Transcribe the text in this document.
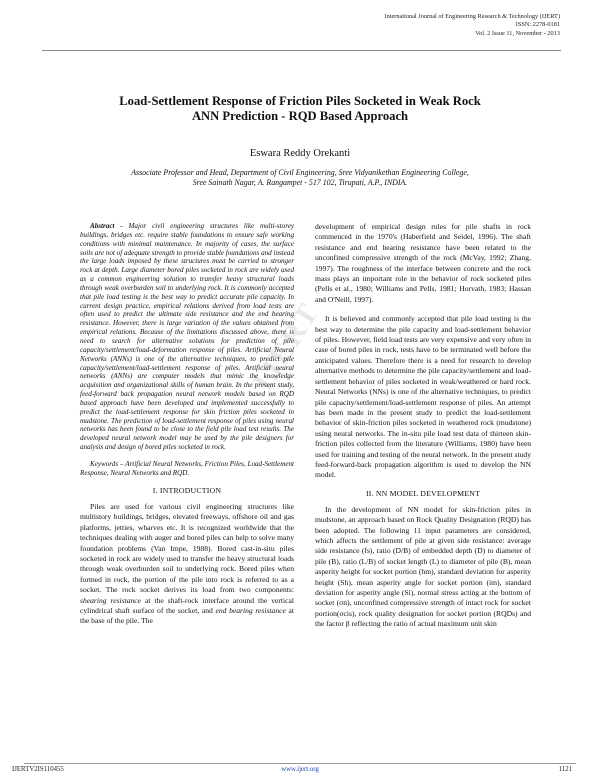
International Journal of Engineering Research & Technology (IJERT)
ISSN: 2278-0181
Vol. 2 Issue 11, November - 2013
Load-Settlement Response of Friction Piles Socketed in Weak Rock
ANN Prediction - RQD Based Approach
Eswara Reddy Orekanti
Associate Professor and Head, Department of Civil Engineering, Sree Vidyanikethan Engineering College,
Sree Sainath Nagar, A. Rangampet - 517 102, Tirupati, A.P., INDIA.
IJERT

Abstract - Major civil engineering structures like multi-storey buildings, bridges etc. require stable foundations to ensure safe working conditions with minimal maintenance. In majority of cases, the surface soils are not of adequate strength to provide stable foundations and instead the large loads imposed by these structures must be carried to stronger rock at depth. Large diameter bored piles socketed in rock are widely used as a common engineering solution to transfer heavy structural loads through weak overburden soil to underlying rock. It is commonly accepted that pile load testing is the best way to predict accurate pile capacity. In current design practice, empirical relations derived from load tests are often used to predict the ultimate side resistance and the end bearing resistance. However, there is large variation of the values obtained from empirical relations. Because of the limitations discussed above, there is need to search for alternative solutions for prediction of pile capacity/settlement/load-deformation response of piles. Artificial Neural Networks (ANNs) is one of the alternative techniques, to predict pile capacity/settlement/load-settlement response of piles. Artificial neural networks (ANNs) are computer models that mimic the knowledge acquisition and organizational skills of human brain. In the present study, feed-forward back propagation neural network models based on RQD based approach have been developed and implemented successfully to predict the load-settlement response for skin friction piles socketed in mudstone. The prediction of load-settlement response of piles using neural networks has been found to be close to the field pile load test results. The developed neural network model may be used by the pile designers for analysis and design of bored piles socketed in rock.

Keywords – Artificial Neural Networks, Friction Piles, Load-Settlement Response, Neural Networks and RQD.

I. INTRODUCTION

Piles are used for various civil engineering structures like multistory buildings, bridges, elevated freeways, offshore oil and gas platforms, jetties, wharves etc. It is recognized worldwide that the techniques dealing with auger and bored piles can help to solve many foundation problems (Van Impe, 1988). Bored cast-in-situ piles socketed in rock are widely used to transfer the heavy structural loads through weak overburden soil to underlying rock. Bored piles when formed in rock, the portion of the pile into rock is referred to as a socket. The rock socket derives its load from two components: shearing resistance at the shaft-rock interface around the vertical cylindrical shaft surface of the socket, and end bearing resistance at the base of the pile. The

development of empirical design rules for pile shafts in rock commenced in the 1970's (Haberfield and Seidel, 1996). The shaft resistance and end bearing resistance have been related to the unconfined compressive strength of the rock (McVay, 1992; Zhang, 1997). The roughness of the interface between concrete and the rock mass plays an important role in the behavior of rock socketed piles (Pells et al., 1980; Williams and Pells, 1981; Horvath, 1983; Hassan and O'Neill, 1997).

It is believed and commonly accepted that pile load testing is the best way to determine the pile capacity and load-settlement behavior of piles. However, field load tests are very expensive and very often in case of bored piles in rock, tests have to be terminated well before the anticipated values. Therefore there is a need for research to develop alternative methods to determine the pile capacity/settlement and load-settlement behavior of piles socketed in weak/weathered or hard rock. Neural Networks (NNs) is one of the alternative techniques, to predict pile capacity/settlement/load-settlement response of piles. An attempt has been made in the present study to predict the load-settlement behavior of skin-friction piles socketed in weathered rock (mudstone) using neural networks. The in-situ pile load test data of thirteen skin-friction piles collected from the literature (Williams, 1980) have been used for training and testing of the neural network. In the present study feed-forward-back propagation algorithm is used to develop the NN model.

II. NN MODEL DEVELOPMENT

In the development of NN model for skin-friction piles in mudstone, an approach based on Rock Quality Designation (RQD) has been adopted. The following 11 input parameters are considered, which affects the settlement of pile at given side resistance: average side resistance (fs), ratio (D/B) of embedded depth (D) to diameter of pile (B), ratio (L/B) of socket length (L) to diameter of pile (B), mean asperity height for socket portion (hm), standard deviation for asperity height (Sh), mean asperity angle for socket portion (im), standard deviation for asperity angle (Si), normal stress acting at the bottom of socket (σn), unconfined compressive strength of intact rock for socket portion(σcis), rock quality designation for socket portion (RQDs) and the factor β reflecting the ratio of actual maximum unit skin

IJERTV2IS110455	www.ijert.org	1121
